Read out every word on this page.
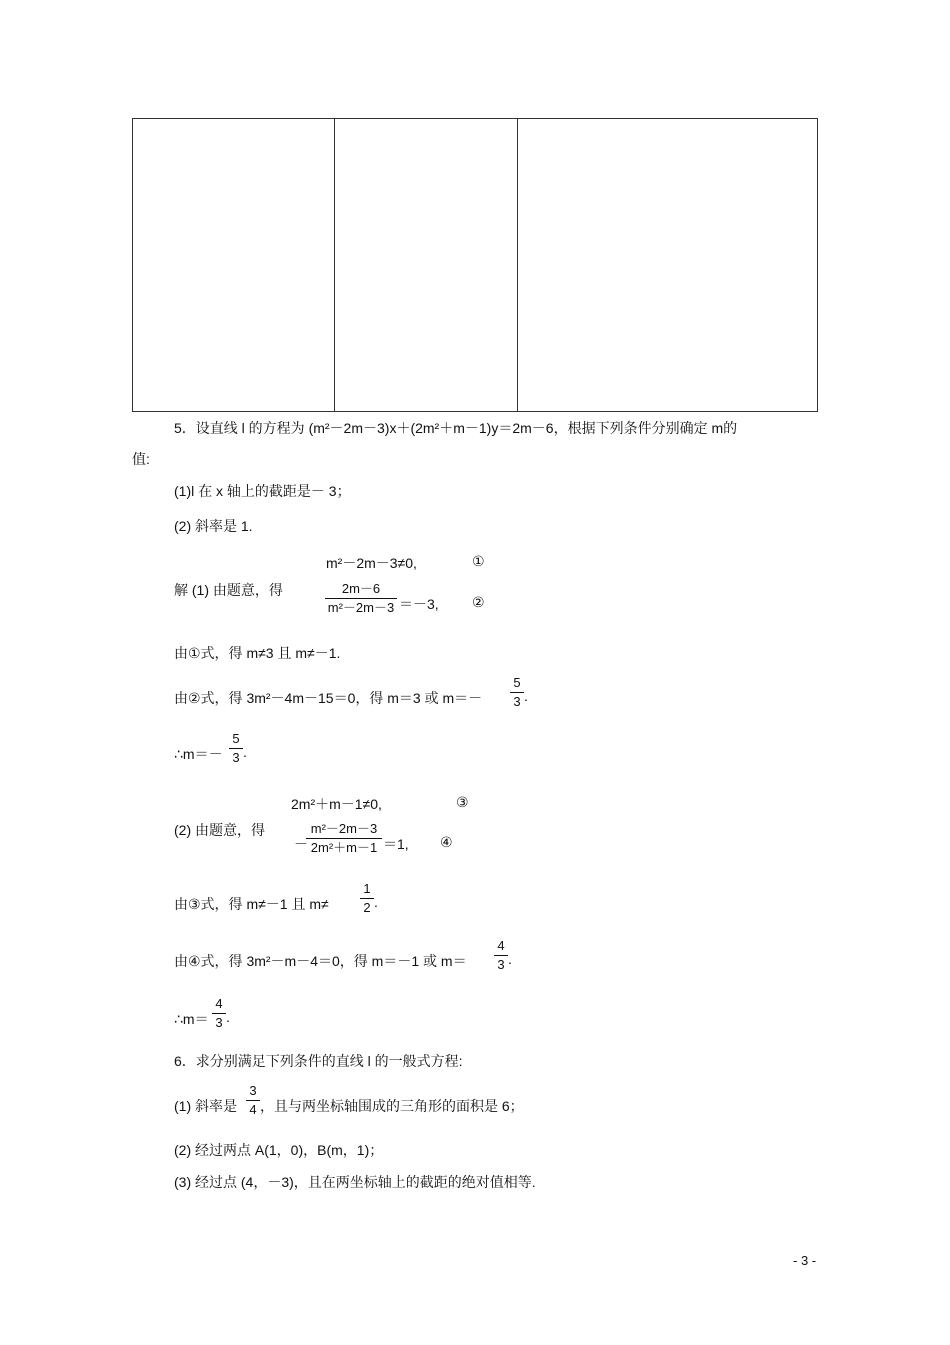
5．设直线 l 的方程为 (m²－2m－3)x＋(2m²＋m－1)y＝2m－6，根据下列条件分别确定 m的
值:
(1)l 在 x 轴上的截距是－ 3；
(2) 斜率是 1.
m²－2m－3≠0,	①
解 (1) 由题意，得	2m－6
m²－2m－3 ＝－3, ②
由①式，得 m≠3 且 m≠－1.
由②式，得 3m²－4m－15＝0，得 m＝3 或 m＝－
5
3 .
∴m＝－
5
3 .
2m²＋m－1≠0,	③
(2) 由题意，得
－
m²－2m－3
2m²＋m－1 ＝1, ④
由③式，得 m≠－1 且 m≠
1
2 .
由④式，得 3m²－m－4＝0，得 m＝－1 或 m＝
4
3 .
∴m＝
4
3 .
6．求分别满足下列条件的直线 l 的一般式方程:
(1) 斜率是
3
4 ，且与两坐标轴围成的三角形的面积是 6；
(2) 经过两点 A(1，0)，B(m，1)；
(3) 经过点 (4，－3)，且在两坐标轴上的截距的绝对值相等.
- 3 -
